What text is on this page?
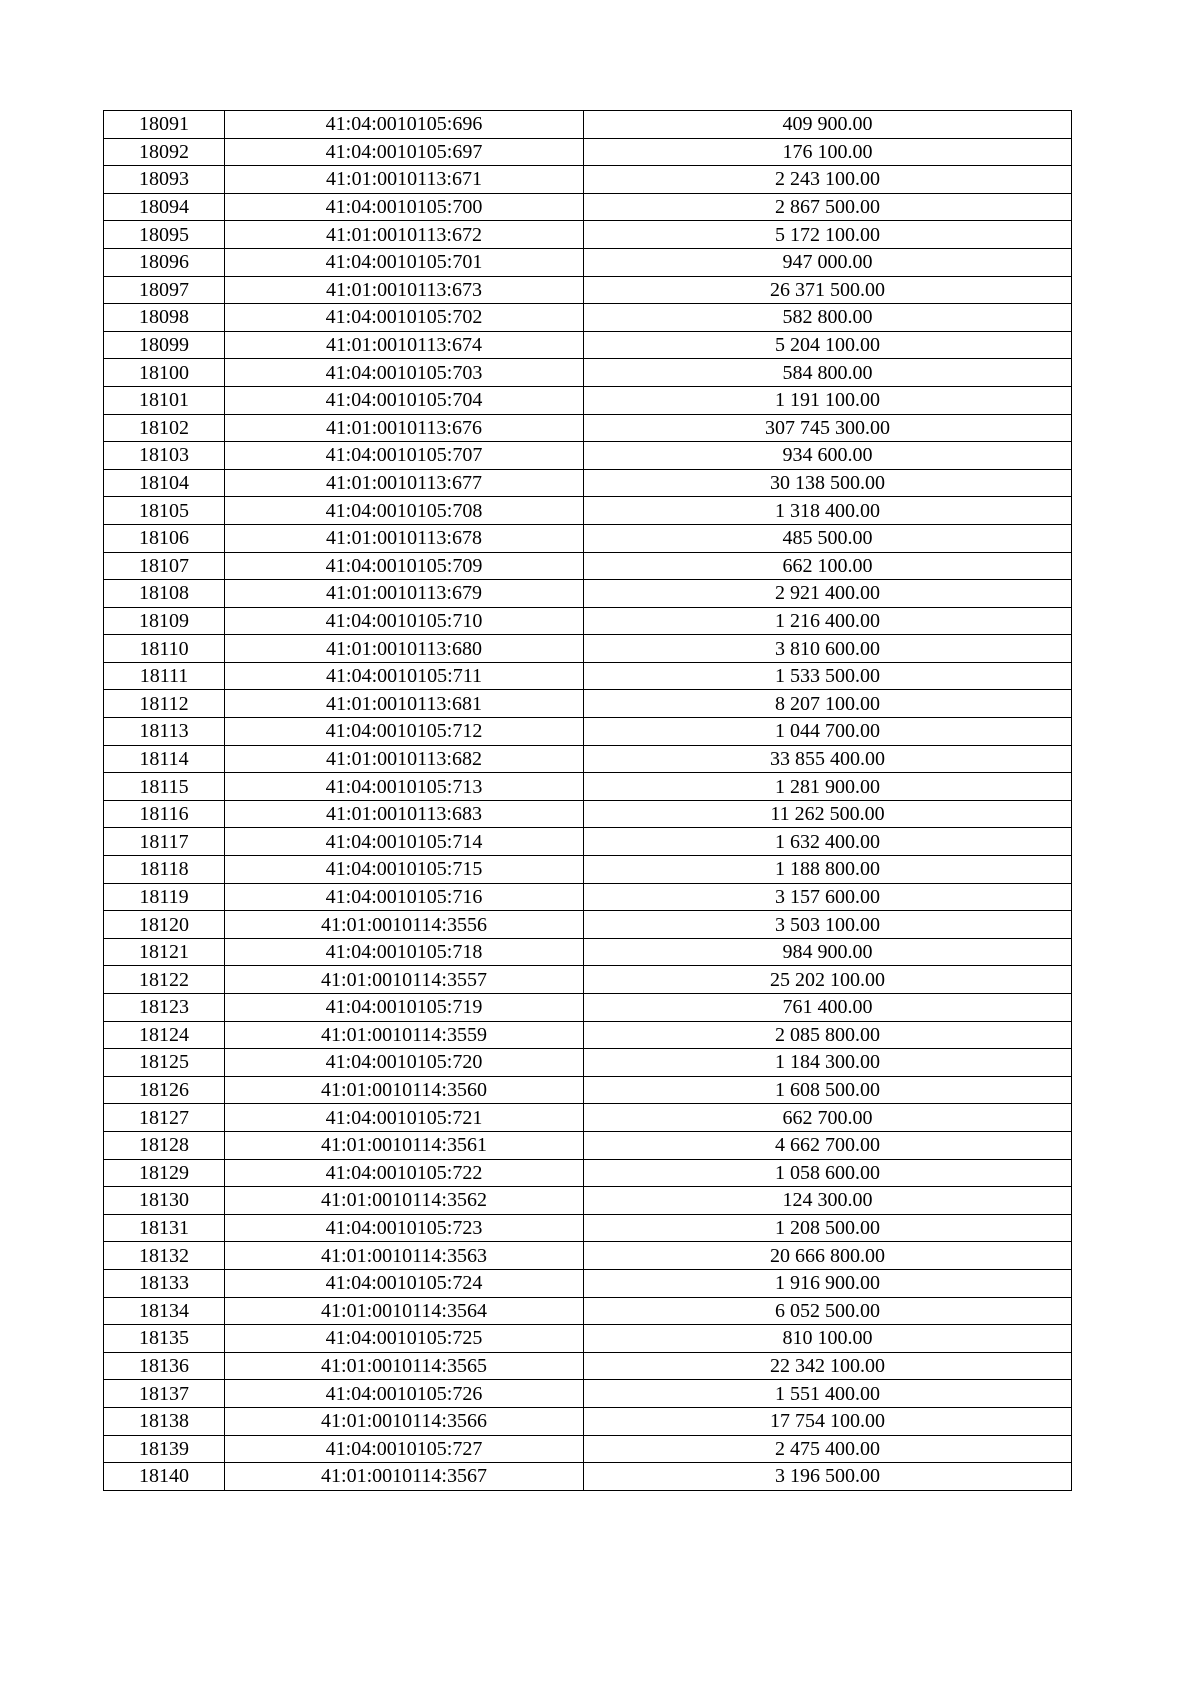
18091	41:04:0010105:696	409 900.00
18092	41:04:0010105:697	176 100.00
18093	41:01:0010113:671	2 243 100.00
18094	41:04:0010105:700	2 867 500.00
18095	41:01:0010113:672	5 172 100.00
18096	41:04:0010105:701	947 000.00
18097	41:01:0010113:673	26 371 500.00
18098	41:04:0010105:702	582 800.00
18099	41:01:0010113:674	5 204 100.00
18100	41:04:0010105:703	584 800.00
18101	41:04:0010105:704	1 191 100.00
18102	41:01:0010113:676	307 745 300.00
18103	41:04:0010105:707	934 600.00
18104	41:01:0010113:677	30 138 500.00
18105	41:04:0010105:708	1 318 400.00
18106	41:01:0010113:678	485 500.00
18107	41:04:0010105:709	662 100.00
18108	41:01:0010113:679	2 921 400.00
18109	41:04:0010105:710	1 216 400.00
18110	41:01:0010113:680	3 810 600.00
18111	41:04:0010105:711	1 533 500.00
18112	41:01:0010113:681	8 207 100.00
18113	41:04:0010105:712	1 044 700.00
18114	41:01:0010113:682	33 855 400.00
18115	41:04:0010105:713	1 281 900.00
18116	41:01:0010113:683	11 262 500.00
18117	41:04:0010105:714	1 632 400.00
18118	41:04:0010105:715	1 188 800.00
18119	41:04:0010105:716	3 157 600.00
18120	41:01:0010114:3556	3 503 100.00
18121	41:04:0010105:718	984 900.00
18122	41:01:0010114:3557	25 202 100.00
18123	41:04:0010105:719	761 400.00
18124	41:01:0010114:3559	2 085 800.00
18125	41:04:0010105:720	1 184 300.00
18126	41:01:0010114:3560	1 608 500.00
18127	41:04:0010105:721	662 700.00
18128	41:01:0010114:3561	4 662 700.00
18129	41:04:0010105:722	1 058 600.00
18130	41:01:0010114:3562	124 300.00
18131	41:04:0010105:723	1 208 500.00
18132	41:01:0010114:3563	20 666 800.00
18133	41:04:0010105:724	1 916 900.00
18134	41:01:0010114:3564	6 052 500.00
18135	41:04:0010105:725	810 100.00
18136	41:01:0010114:3565	22 342 100.00
18137	41:04:0010105:726	1 551 400.00
18138	41:01:0010114:3566	17 754 100.00
18139	41:04:0010105:727	2 475 400.00
18140	41:01:0010114:3567	3 196 500.00
